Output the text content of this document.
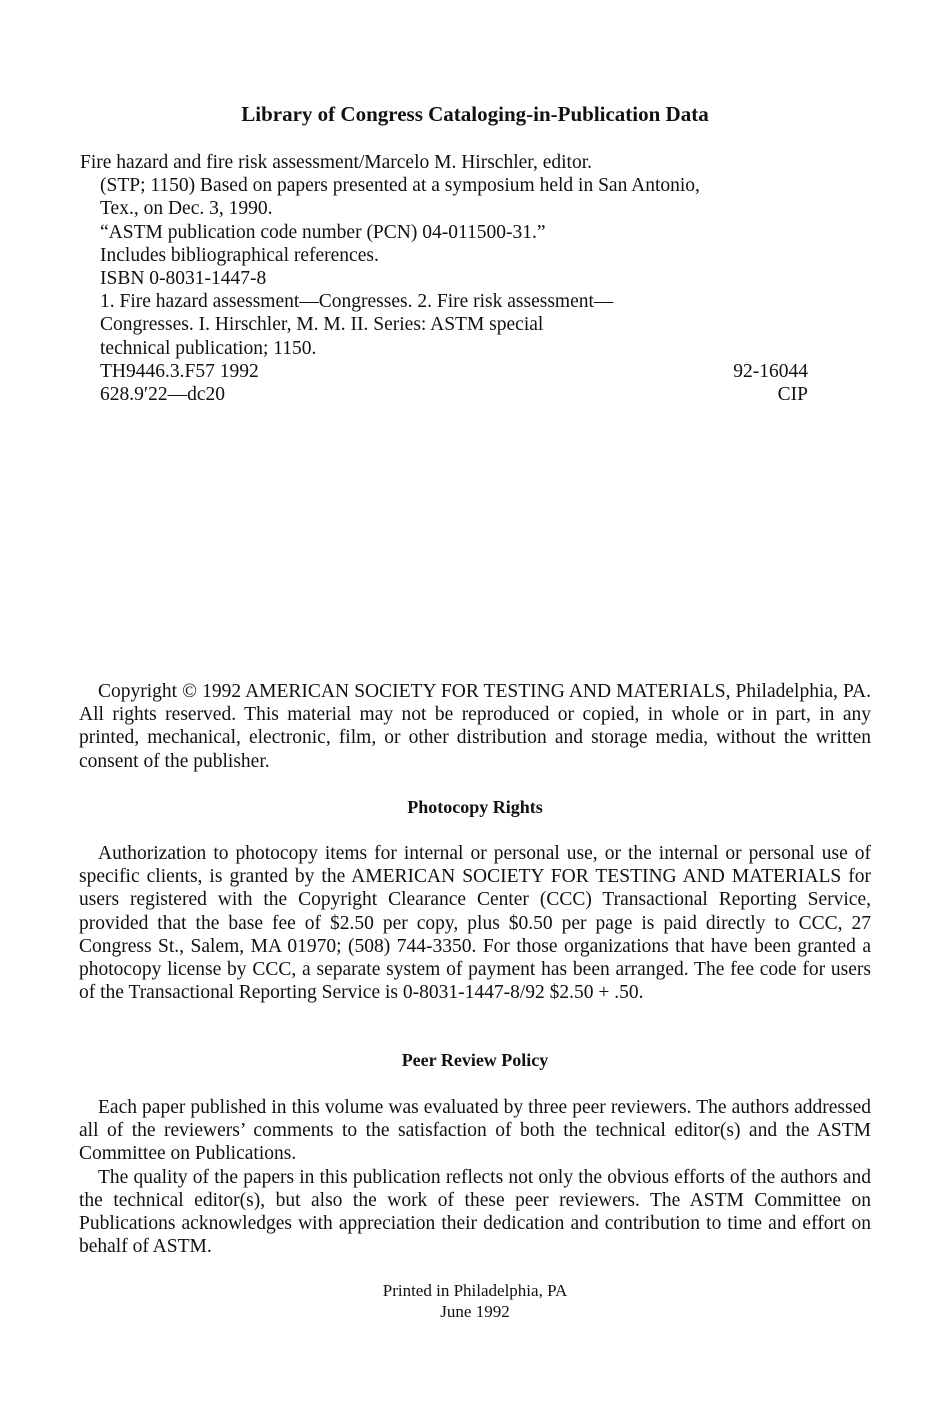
Library of Congress Cataloging-in-Publication Data
Fire hazard and fire risk assessment/Marcelo M. Hirschler, editor.
(STP; 1150) Based on papers presented at a symposium held in San Antonio,
Tex., on Dec. 3, 1990.
“ASTM publication code number (PCN) 04-011500-31.”
Includes bibliographical references.
ISBN 0-8031-1447-8
1. Fire hazard assessment—Congresses. 2. Fire risk assessment—
Congresses. I. Hirschler, M. M. II. Series: ASTM special
technical publication; 1150.
TH9446.3.F57 1992	92-16044
628.9′22—dc20	CIP

Copyright © 1992 AMERICAN SOCIETY FOR TESTING AND MATERIALS, Philadelphia, PA. All rights reserved. This material may not be reproduced or copied, in whole or in part, in any printed, mechanical, electronic, film, or other distribution and storage media, without the written consent of the publisher.

Photocopy Rights

Authorization to photocopy items for internal or personal use, or the internal or personal use of specific clients, is granted by the AMERICAN SOCIETY FOR TESTING AND MATERIALS for users registered with the Copyright Clearance Center (CCC) Transactional Reporting Service, provided that the base fee of $2.50 per copy, plus $0.50 per page is paid directly to CCC, 27 Congress St., Salem, MA 01970; (508) 744-3350. For those organizations that have been granted a photocopy license by CCC, a separate system of payment has been arranged. The fee code for users of the Transactional Reporting Service is 0-8031-1447-8/92 $2.50 + .50.

Peer Review Policy

Each paper published in this volume was evaluated by three peer reviewers. The authors addressed all of the reviewers’ comments to the satisfaction of both the technical editor(s) and the ASTM Committee on Publications.

The quality of the papers in this publication reflects not only the obvious efforts of the authors and the technical editor(s), but also the work of these peer reviewers. The ASTM Committee on Publications acknowledges with appreciation their dedication and contribution to time and effort on behalf of ASTM.

Printed in Philadelphia, PA
June 1992
